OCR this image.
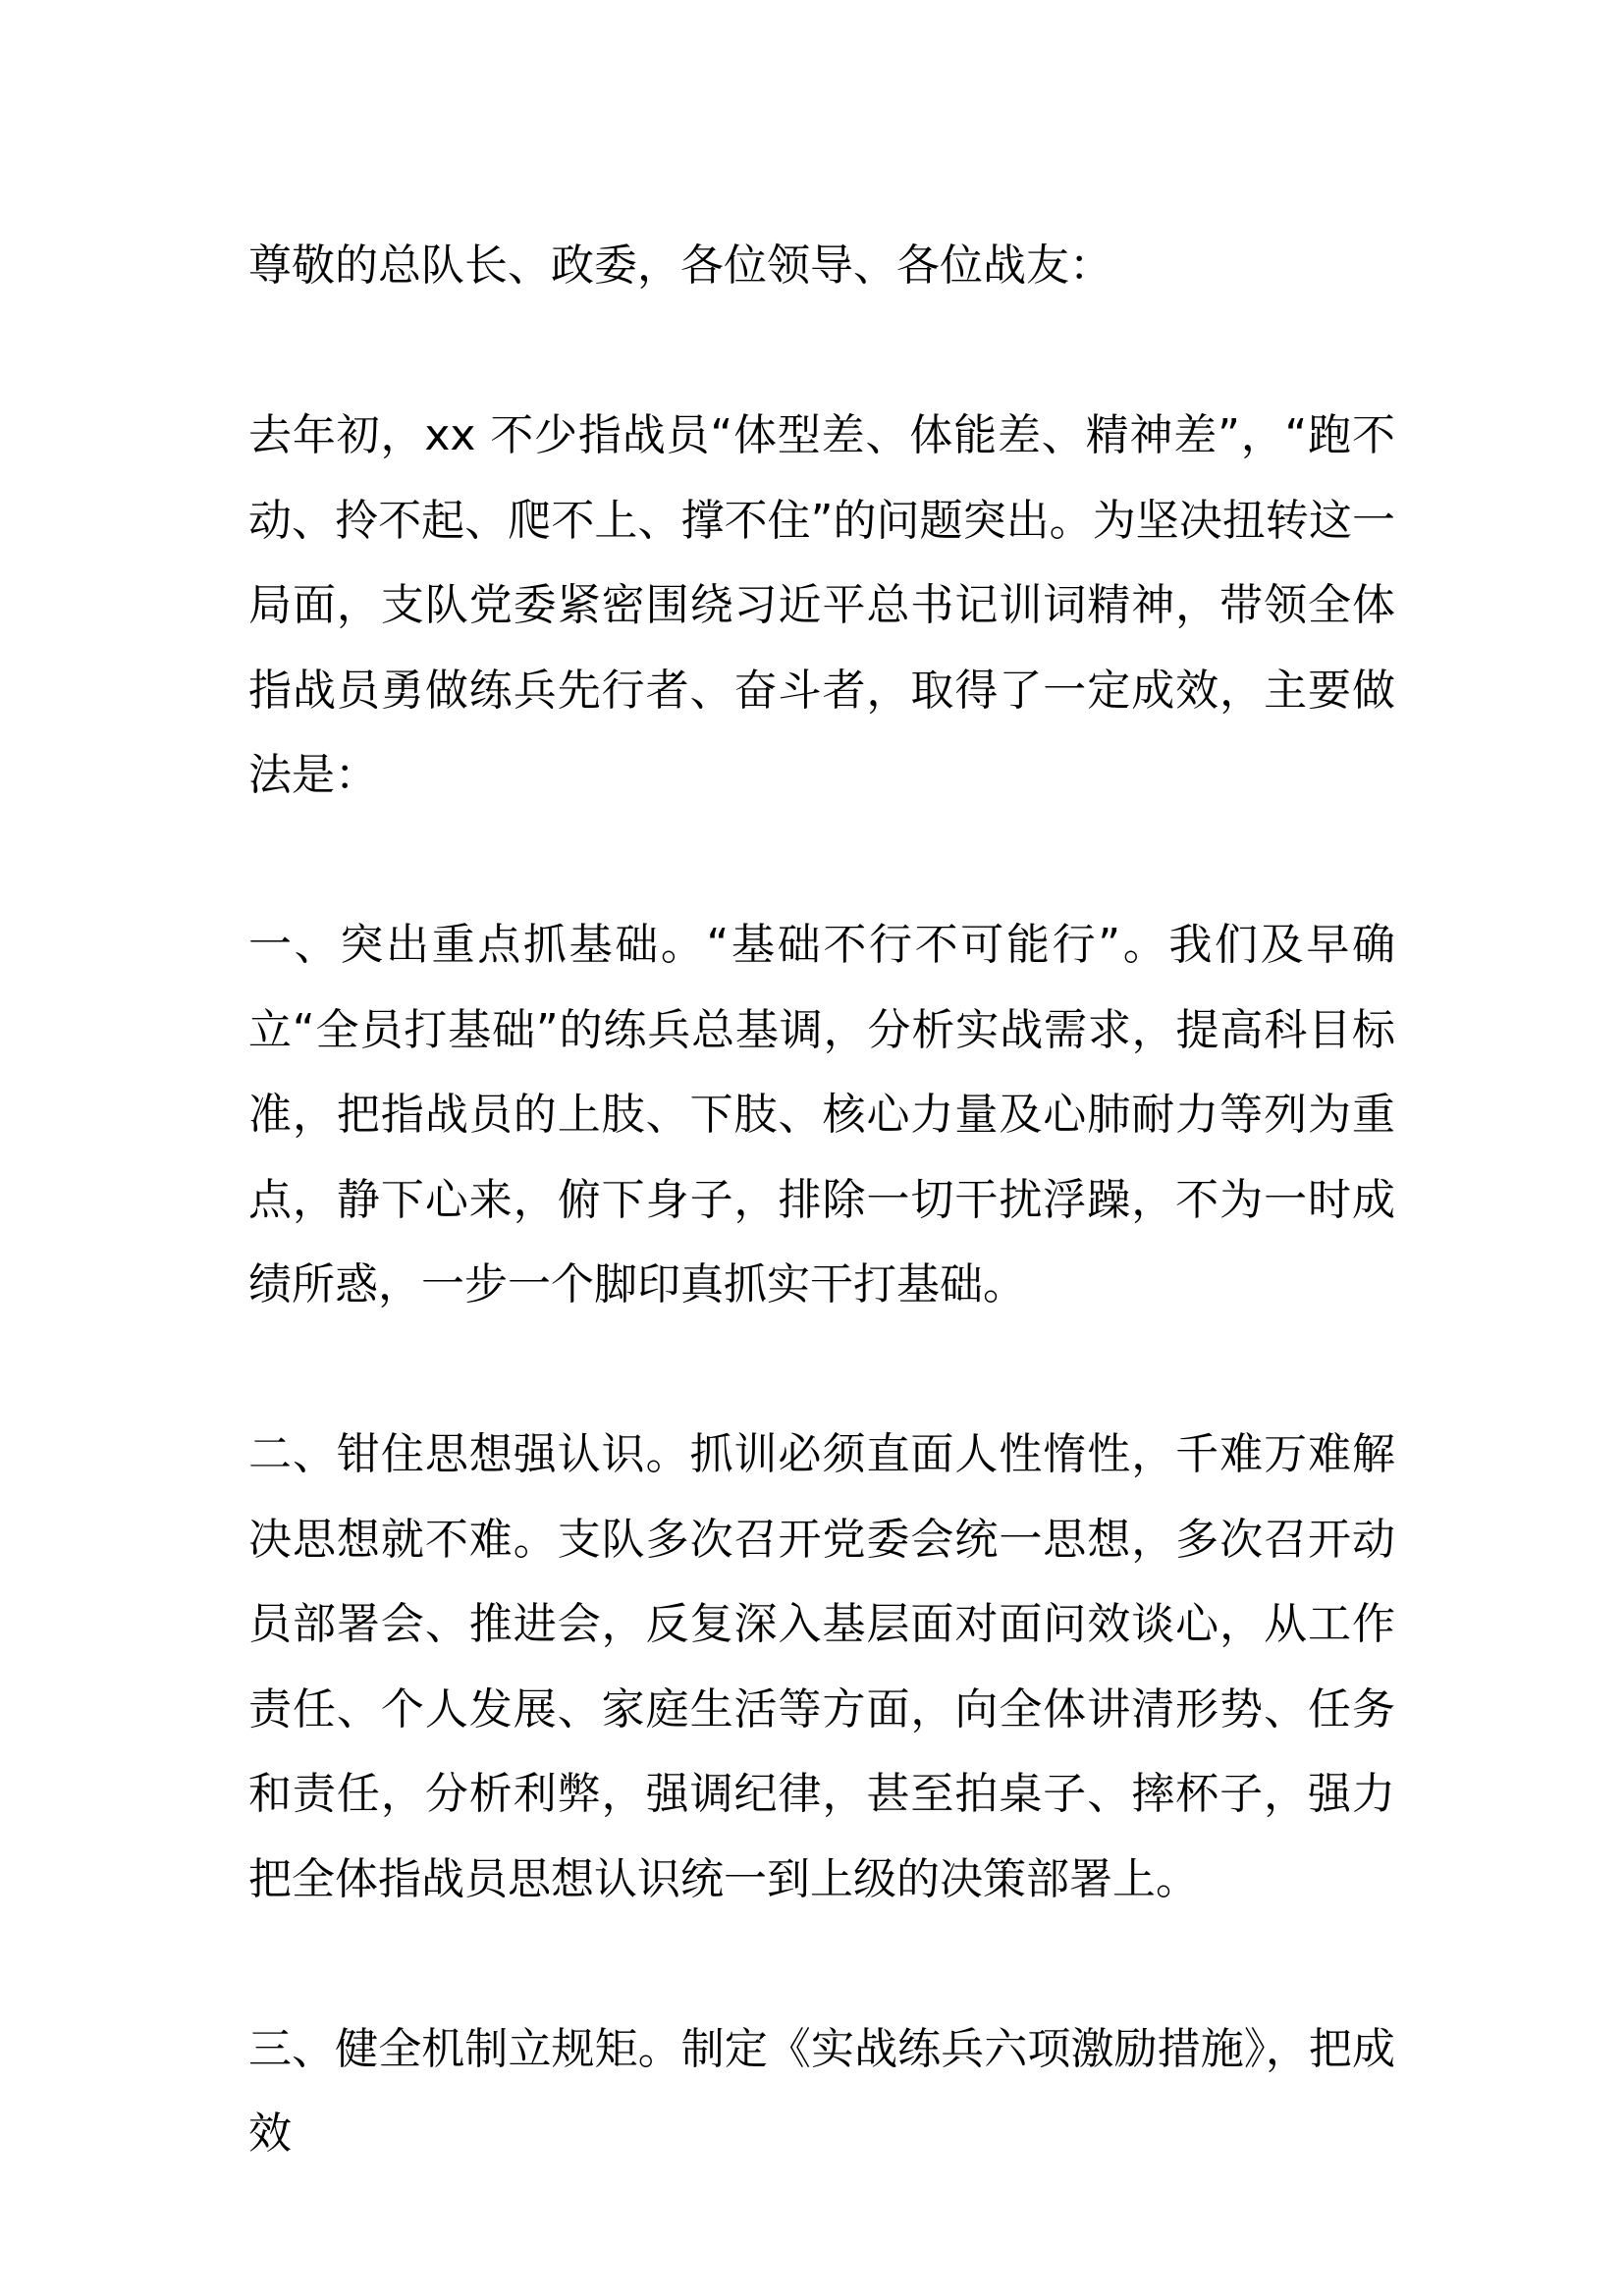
尊敬的总队长、政委，各位领导、各位战友：

去年初，xx 不少指战员“体型差、体能差、精神差”，“跑不动、拎不起、爬不上、撑不住”的问题突出。为坚决扭转这一局面，支队党委紧密围绕习近平总书记训词精神，带领全体指战员勇做练兵先行者、奋斗者，取得了一定成效，主要做法是：

一、突出重点抓基础。“基础不行不可能行”。我们及早确立“全员打基础”的练兵总基调，分析实战需求，提高科目标准，把指战员的上肢、下肢、核心力量及心肺耐力等列为重点，静下心来，俯下身子，排除一切干扰浮躁，不为一时成绩所惑，一步一个脚印真抓实干打基础。

二、钳住思想强认识。抓训必须直面人性惰性，千难万难解决思想就不难。支队多次召开党委会统一思想，多次召开动员部署会、推进会，反复深入基层面对面问效谈心，从工作责任、个人发展、家庭生活等方面，向全体讲清形势、任务和责任，分析利弊，强调纪律，甚至拍桌子、摔杯子，强力把全体指战员思想认识统一到上级的决策部署上。

三、健全机制立规矩。制定《实战练兵六项激励措施》，把成效
